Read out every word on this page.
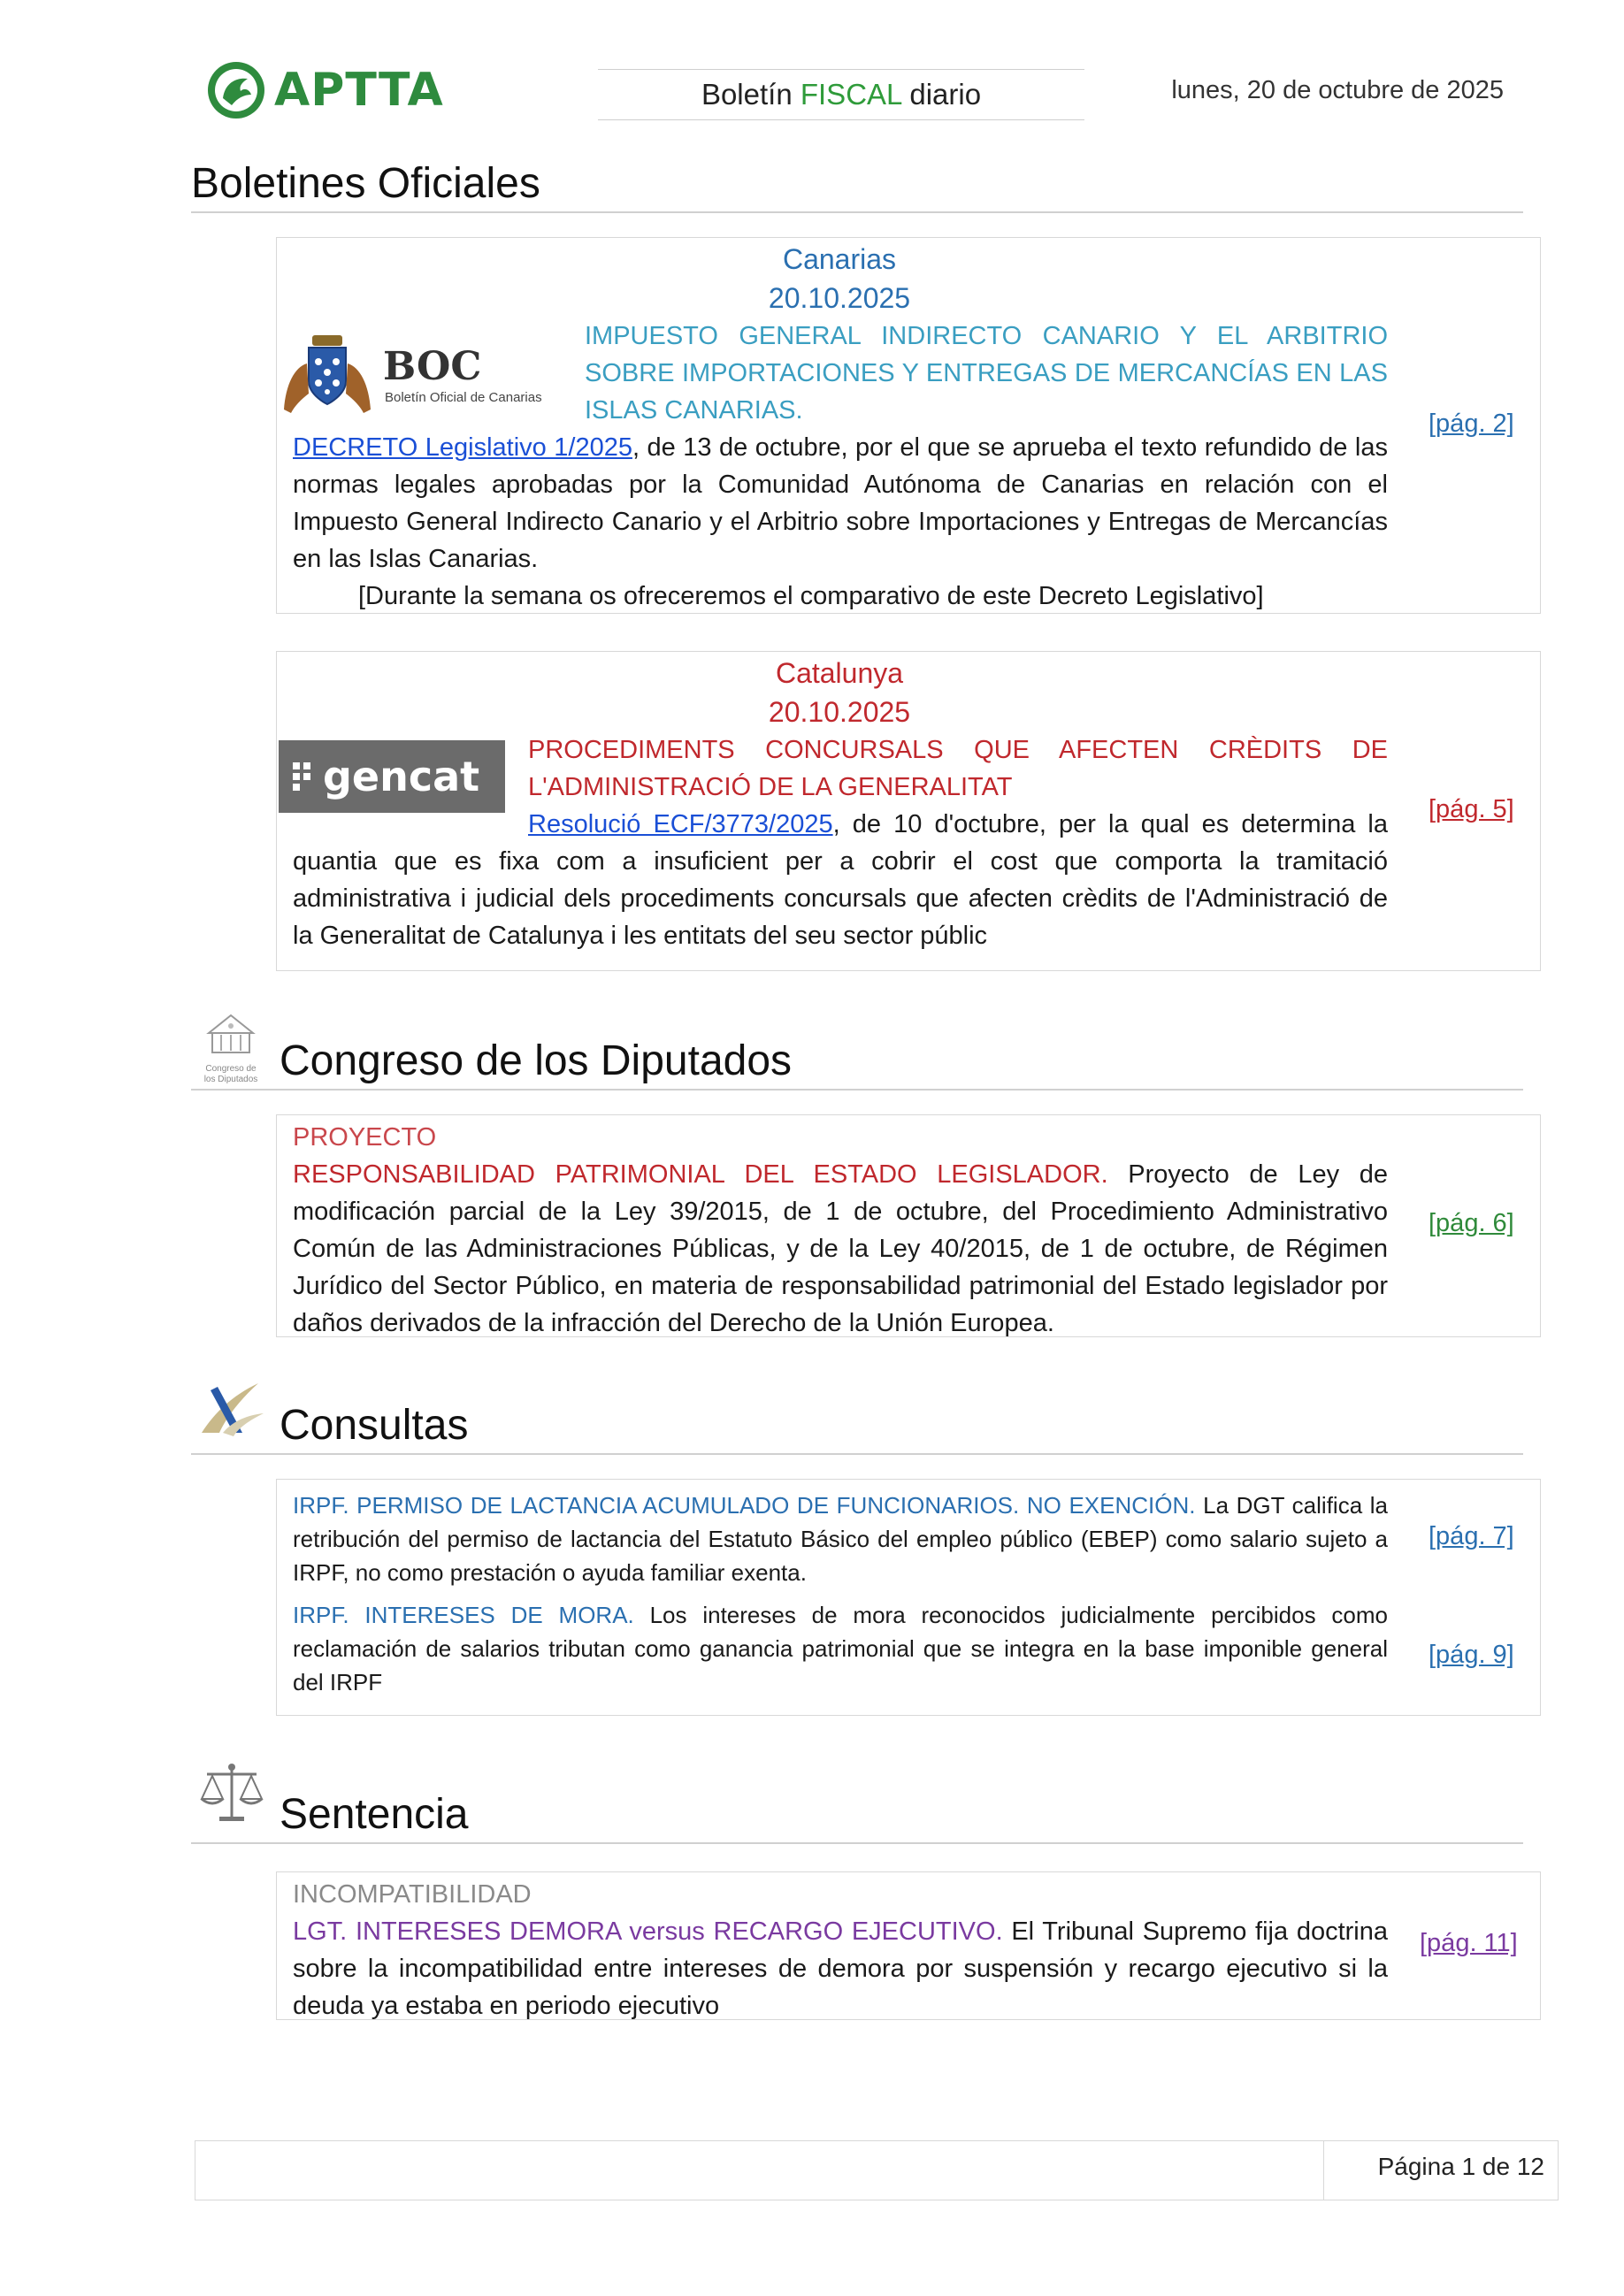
APTTA	Boletín FISCAL diario	lunes, 20 de octubre de 2025
Boletines Oficiales
Canarias
20.10.2025
BOC
Boletín Oficial de Canarias
IMPUESTO GENERAL INDIRECTO CANARIO Y EL ARBITRIO SOBRE IMPORTACIONES Y ENTREGAS DE MERCANCÍAS EN LAS ISLAS CANARIAS.
DECRETO Legislativo 1/2025, de 13 de octubre, por el que se aprueba el texto refundido de las normas legales aprobadas por la Comunidad Autónoma de Canarias en relación con el Impuesto General Indirecto Canario y el Arbitrio sobre Importaciones y Entregas de Mercancías en las Islas Canarias.
[Durante la semana os ofreceremos el comparativo de este Decreto Legislativo]
[pág. 2]
Catalunya
20.10.2025
gencat
PROCEDIMENTS CONCURSALS QUE AFECTEN CRÈDITS DE L'ADMINISTRACIÓ DE LA GENERALITAT
Resolució ECF/3773/2025, de 10 d'octubre, per la qual es determina la quantia que es fixa com a insuficient per a cobrir el cost que comporta la tramitació administrativa i judicial dels procediments concursals que afecten crèdits de l'Administració de la Generalitat de Catalunya i les entitats del seu sector públic
[pág. 5]
Congreso de los Diputados Congreso de los Diputados
PROYECTO
RESPONSABILIDAD PATRIMONIAL DEL ESTADO LEGISLADOR. Proyecto de Ley de modificación parcial de la Ley 39/2015, de 1 de octubre, del Procedimiento Administrativo Común de las Administraciones Públicas, y de la Ley 40/2015, de 1 de octubre, de Régimen Jurídico del Sector Público, en materia de responsabilidad patrimonial del Estado legislador por daños derivados de la infracción del Derecho de la Unión Europea.
[pág. 6]
Consultas
IRPF. PERMISO DE LACTANCIA ACUMULADO DE FUNCIONARIOS. NO EXENCIÓN. La DGT califica la retribución del permiso de lactancia del Estatuto Básico del empleo público (EBEP) como salario sujeto a IRPF, no como prestación o ayuda familiar exenta.
[pág. 7]
IRPF. INTERESES DE MORA. Los intereses de mora reconocidos judicialmente percibidos como reclamación de salarios tributan como ganancia patrimonial que se integra en la base imponible general del IRPF
[pág. 9]
Sentencia
INCOMPATIBILIDAD
LGT. INTERESES DEMORA versus RECARGO EJECUTIVO. El Tribunal Supremo fija doctrina sobre la incompatibilidad entre intereses de demora por suspensión y recargo ejecutivo si la deuda ya estaba en periodo ejecutivo
[pág. 11]
Página 1 de 12
